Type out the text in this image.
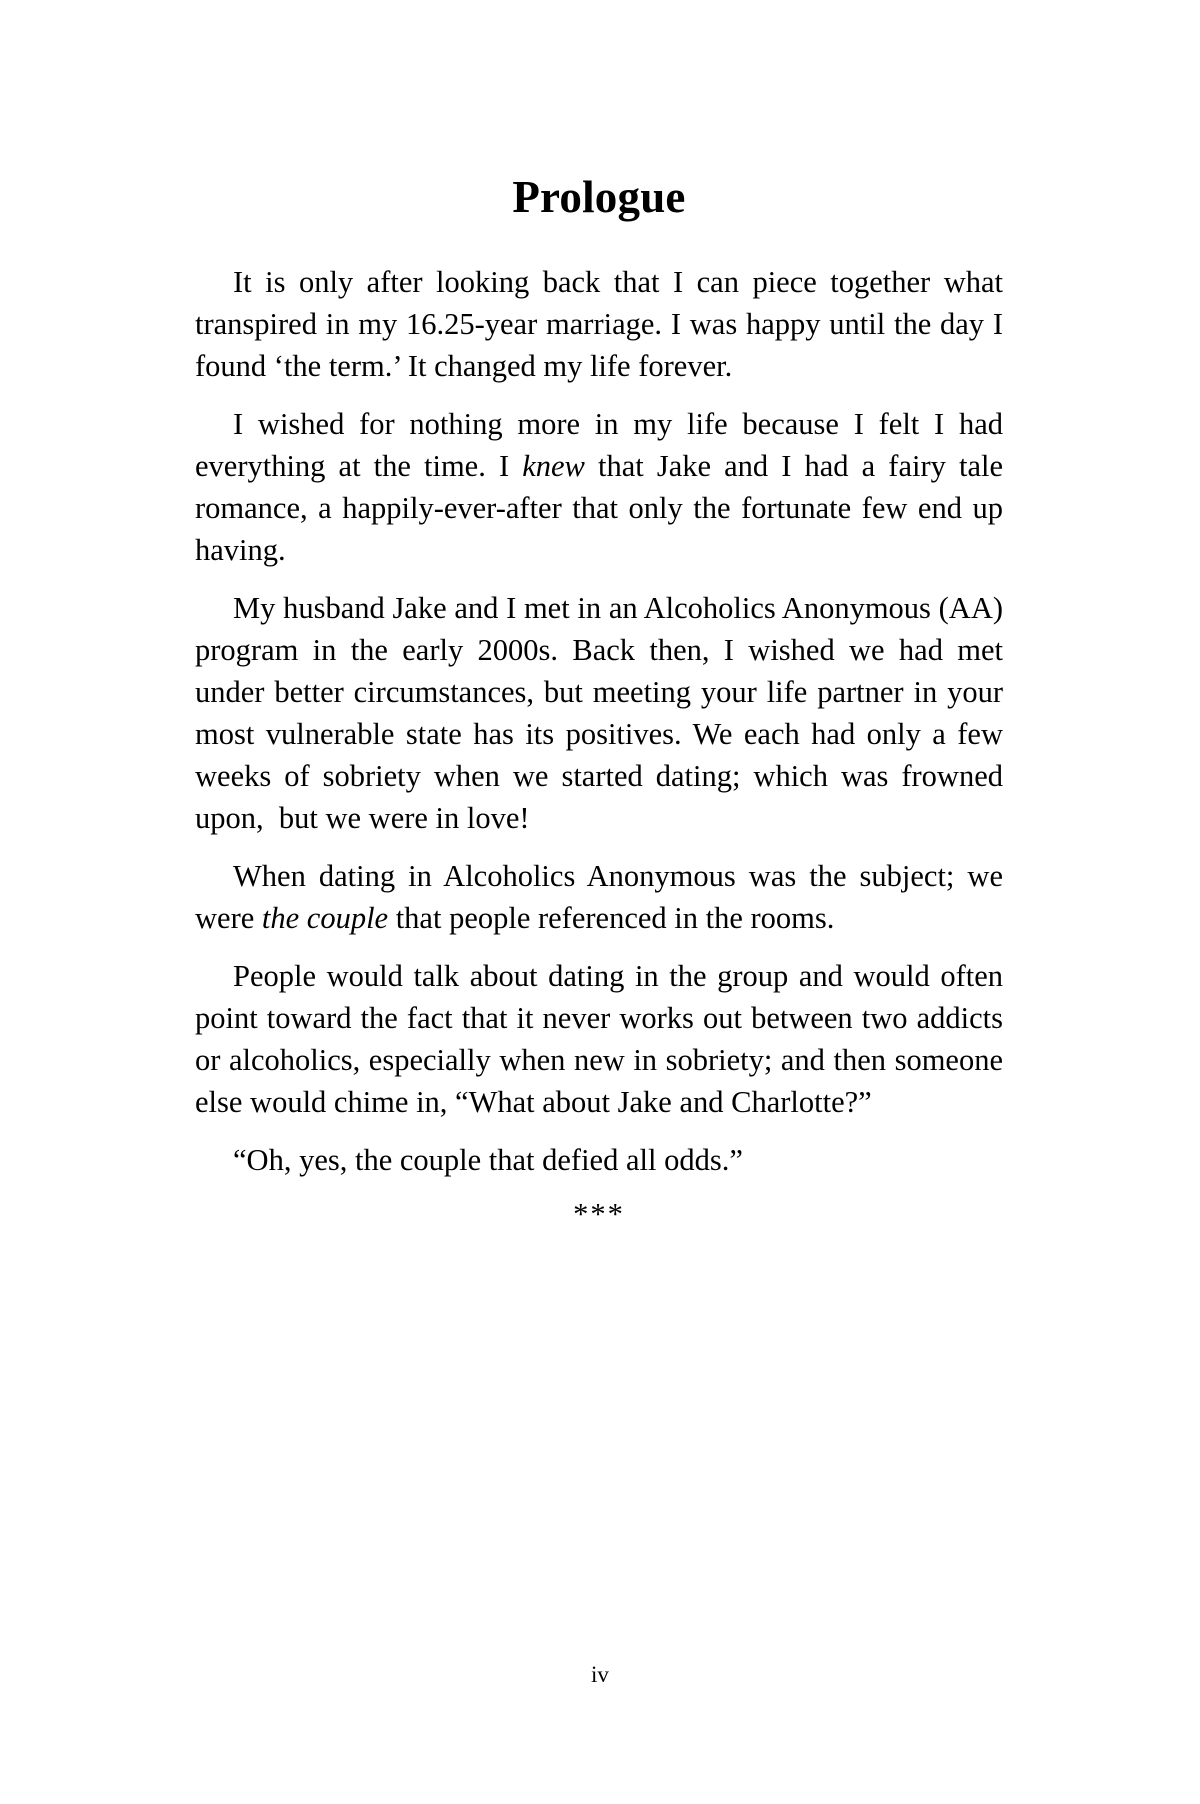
Prologue

It is only after looking back that I can piece together what transpired in my 16.25-year marriage. I was happy until the day I found ‘the term.’ It changed my life forever.

I wished for nothing more in my life because I felt I had everything at the time. I knew that Jake and I had a fairy tale romance, a happily-ever-after that only the fortunate few end up having.

My husband Jake and I met in an Alcoholics Anonymous (AA) program in the early 2000s. Back then, I wished we had met under better circumstances, but meeting your life partner in your most vulnerable state has its positives. We each had only a few weeks of sobriety when we started dating; which was frowned upon,  but we were in love!

When dating in Alcoholics Anonymous was the subject; we were the couple that people referenced in the rooms.

People would talk about dating in the group and would often point toward the fact that it never works out between two addicts or alcoholics, especially when new in sobriety; and then someone else would chime in, “What about Jake and Charlotte?”

“Oh, yes, the couple that defied all odds.”

***

iv
